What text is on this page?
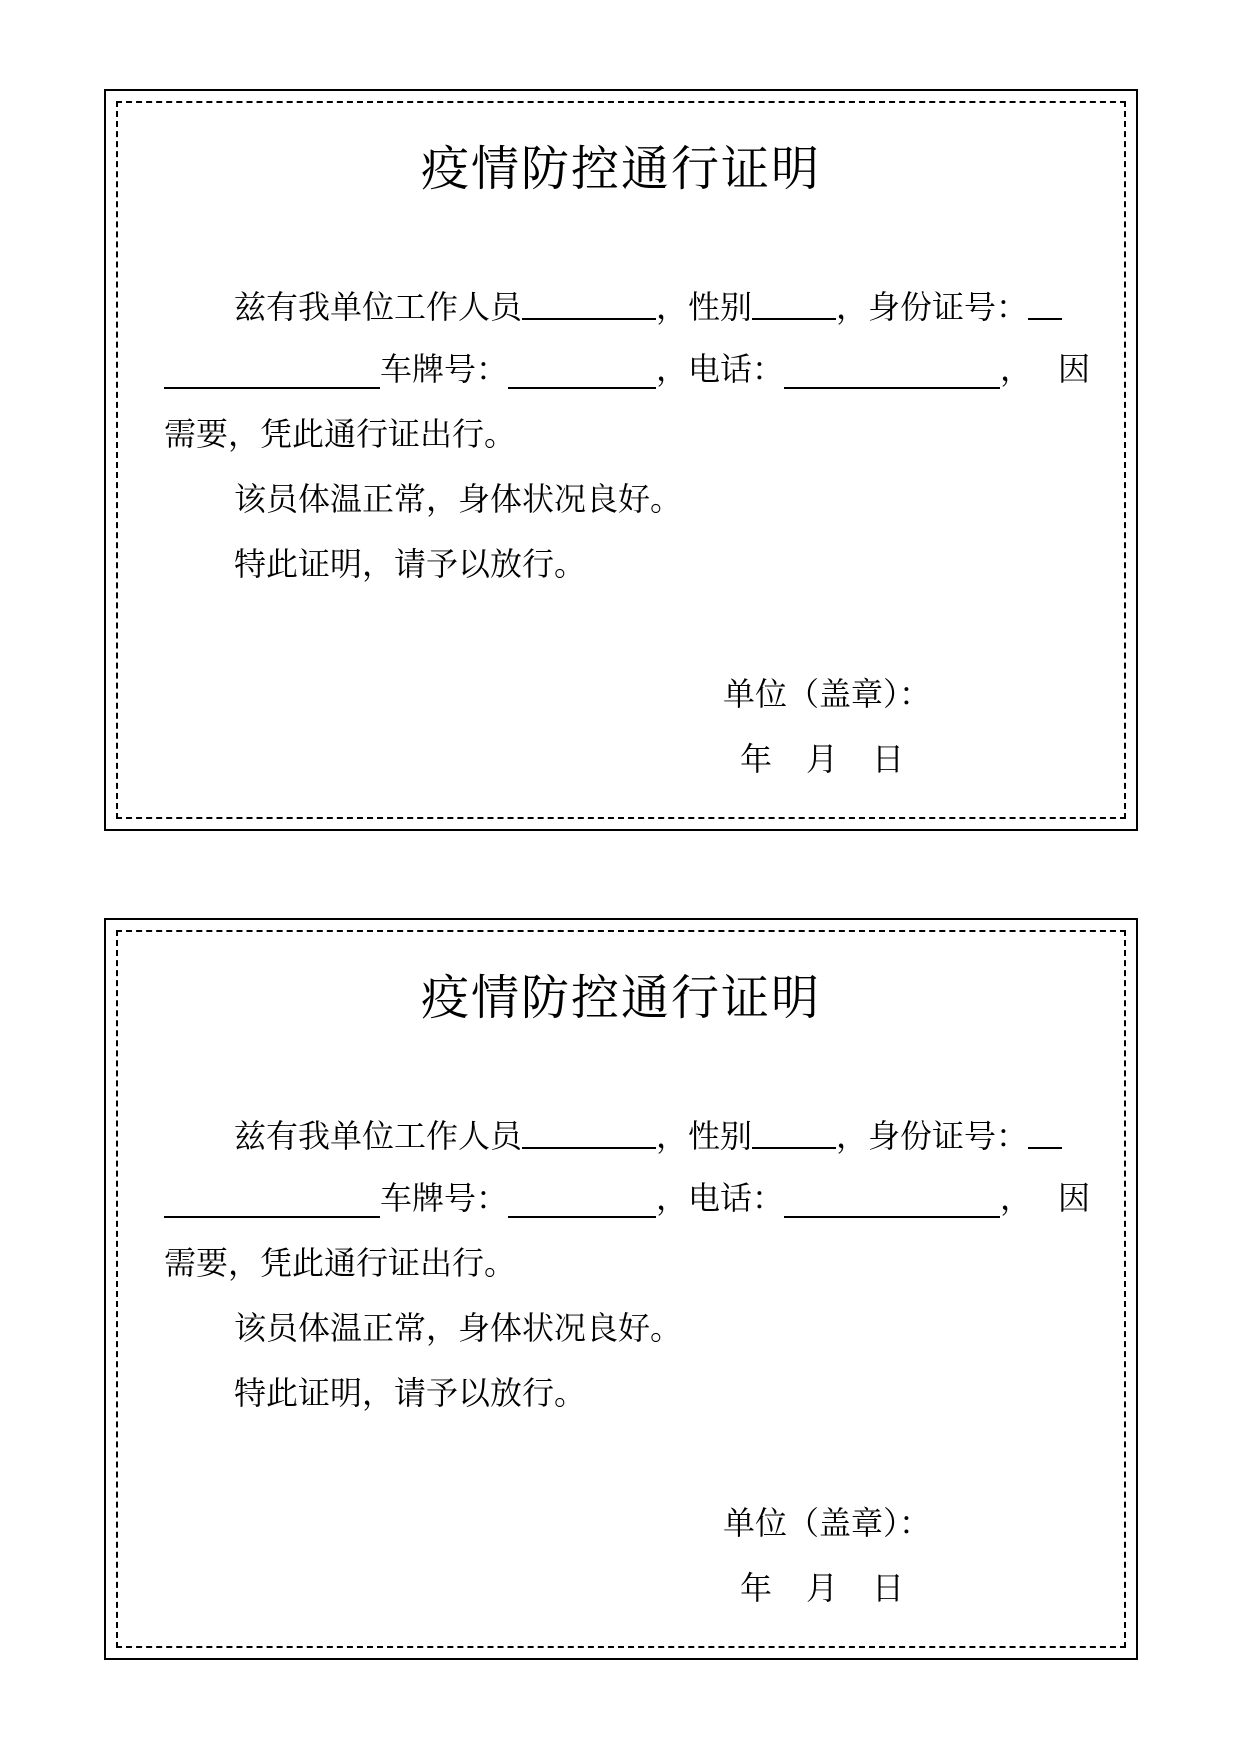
疫情防控通行证明
兹有我单位工作人员	，性别	，身份证号：
车牌号：	，电话：	， 因
需要，凭此通行证出行。
该员体温正常，身体状况良好。
特此证明，请予以放行。
单位（盖章）：
年 月 日
疫情防控通行证明
兹有我单位工作人员	，性别	，身份证号：
车牌号：	，电话：	， 因
需要，凭此通行证出行。
该员体温正常，身体状况良好。
特此证明，请予以放行。
单位（盖章）：
年 月 日
